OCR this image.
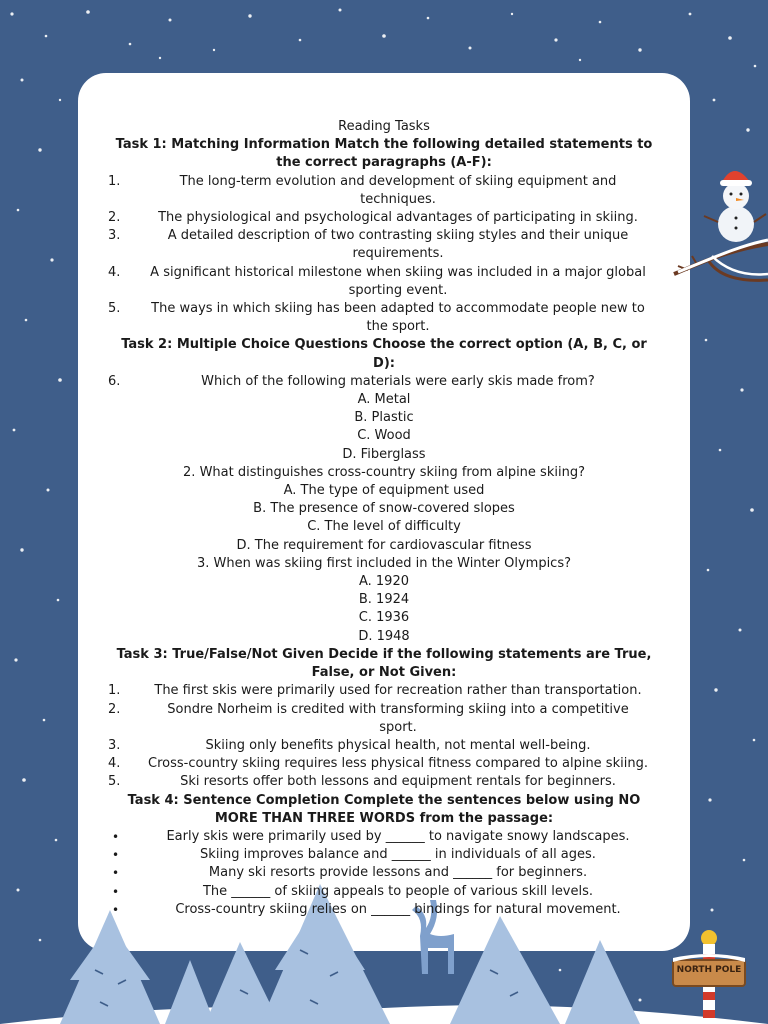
NORTH POLE
Reading Tasks
Task 1: Matching Information Match the following detailed statements to the correct paragraphs (A-F):
1.	The long-term evolution and development of skiing equipment and techniques.
2.	The physiological and psychological advantages of participating in skiing.
3.	A detailed description of two contrasting skiing styles and their unique requirements.
4.	A significant historical milestone when skiing was included in a major global sporting event.
5.	The ways in which skiing has been adapted to accommodate people new to the sport.
Task 2: Multiple Choice Questions Choose the correct option (A, B, C, or D):
6.	Which of the following materials were early skis made from?
A. Metal
B. Plastic
C. Wood
D. Fiberglass
2. What distinguishes cross-country skiing from alpine skiing?
A. The type of equipment used
B. The presence of snow-covered slopes
C. The level of difficulty
D. The requirement for cardiovascular fitness
3. When was skiing first included in the Winter Olympics?
A. 1920
B. 1924
C. 1936
D. 1948
Task 3: True/False/Not Given Decide if the following statements are True, False, or Not Given:
1.	The first skis were primarily used for recreation rather than transportation.
2.	Sondre Norheim is credited with transforming skiing into a competitive sport.
3.	Skiing only benefits physical health, not mental well-being.
4.	Cross-country skiing requires less physical fitness compared to alpine skiing.
5.	Ski resorts offer both lessons and equipment rentals for beginners.
Task 4: Sentence Completion Complete the sentences below using NO MORE THAN THREE WORDS from the passage:
•	Early skis were primarily used by ______ to navigate snowy landscapes.
•	Skiing improves balance and ______ in individuals of all ages.
•	Many ski resorts provide lessons and ______ for beginners.
•	The ______ of skiing appeals to people of various skill levels.
•	Cross-country skiing relies on ______ bindings for natural movement.
